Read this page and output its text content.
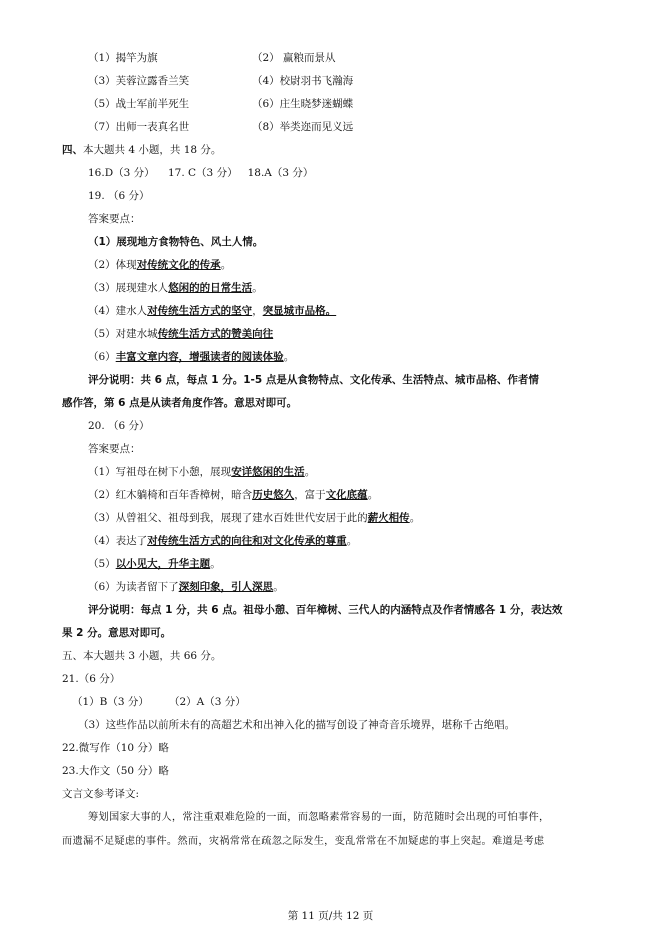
（1）揭竿为旗	（2） 赢粮而景从
（3）芙蓉泣露香兰笑	（4）校尉羽书飞瀚海
（5）战士军前半死生	（6）庄生晓梦迷蝴蝶
（7）出师一表真名世	（8）举类迩而见义远
四、本大题共 4 小题，共 18 分。
16.D（3 分）    17. C（3 分）   18.A（3 分）
19. （6 分）
答案要点：
（1）展现地方食物特色、风土人情。
（2）体现对传统文化的传承。
（3）展现建水人悠闲的的日常生活。
（4）建水人对传统生活方式的坚守，突显城市品格。
（5）对建水城传统生活方式的赞美向往
（6）丰富文章内容，增强读者的阅读体验。
评分说明：共 6 点，每点 1 分。1-5 点是从食物特点、文化传承、生活特点、城市品格、作者情
感作答，第 6 点是从读者角度作答。意思对即可。
20. （6 分）
答案要点：
（1）写祖母在树下小憩，展现安详悠闲的生活。
（2）红木躺椅和百年香樟树，暗含历史悠久，富于文化底蕴。
（3）从曾祖父、祖母到我，展现了建水百姓世代安居于此的薪火相传。
（4）表达了对传统生活方式的向往和对文化传承的尊重。
（5）以小见大，升华主题。
（6）为读者留下了深刻印象，引人深思。
评分说明：每点 1 分，共 6 点。祖母小憩、百年樟树、三代人的内涵特点及作者情感各 1 分，表达效
果 2 分。意思对即可。
五、本大题共 3 小题，共 66 分。
21.（6 分）
（1）B（3 分）      （2）A（3 分）
（3）这些作品以前所未有的高超艺术和出神入化的描写创设了神奇音乐境界，堪称千古绝唱。
22.微写作（10 分）略
23.大作文（50 分）略
文言文参考译文:
筹划国家大事的人，常注重艰难危险的一面，而忽略素常容易的一面，防范随时会出现的可怕事件，
而遗漏不足疑虑的事件。然而，灾祸常常在疏忽之际发生，变乱常常在不加疑虑的事上突起。难道是考虑
第 11 页/共 12 页
